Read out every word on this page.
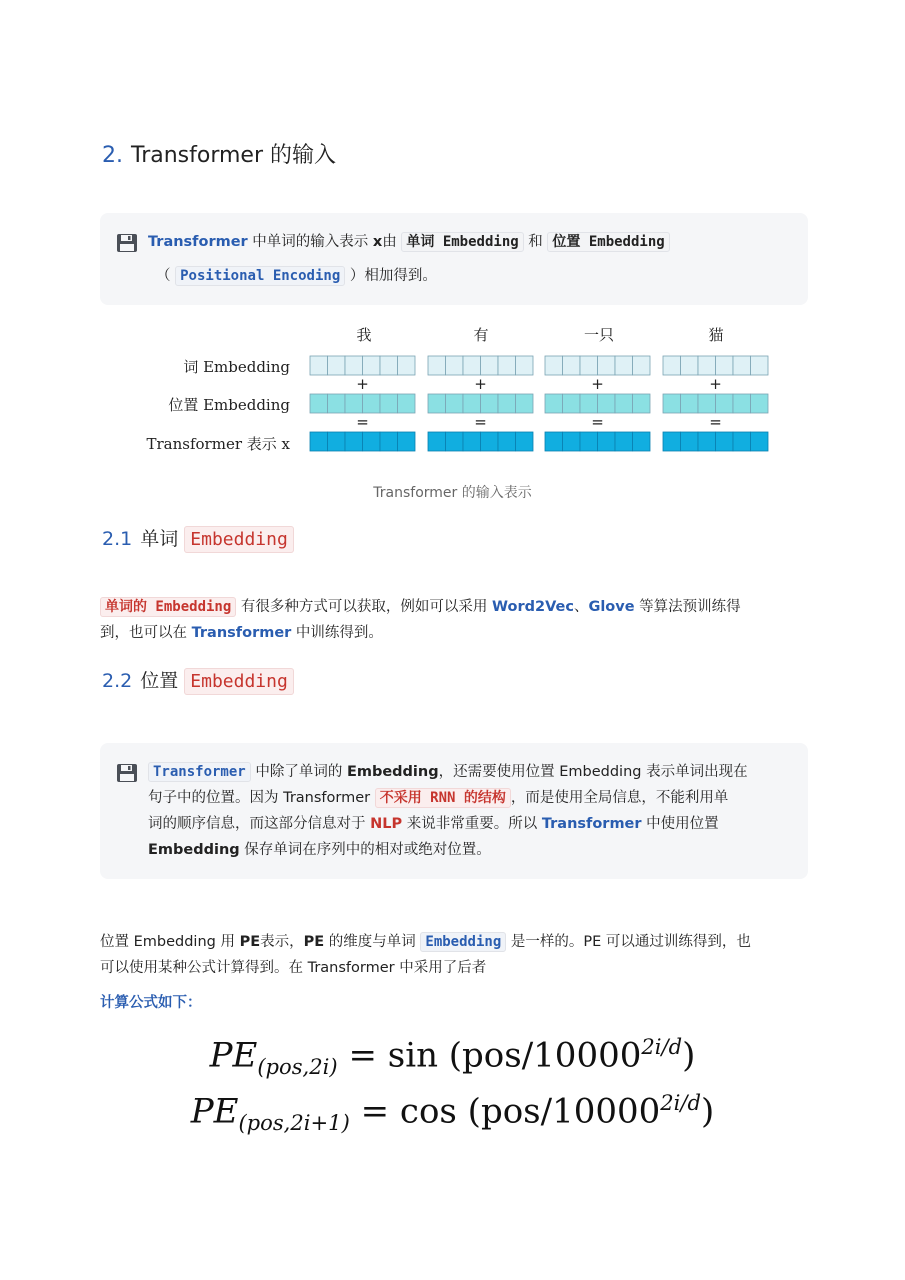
2. Transformer 的输入
Transformer 中单词的输入表示 x由 单词 Embedding 和 位置 Embedding
（ Positional Encoding ）相加得到。
我	有	一只	猫
词 Embedding
位置 Embedding
Transformer 表示 x
+	+	+	+
=	=	=	=
Transformer 的输入表示
2.1 单词 Embedding
单词的 Embedding 有很多种方式可以获取，例如可以采用 Word2Vec、Glove 等算法预训练得
到，也可以在 Transformer 中训练得到。
2.2 位置 Embedding
Transformer 中除了单词的 Embedding，还需要使用位置 Embedding 表示单词出现在
句子中的位置。因为 Transformer 不采用 RNN 的结构 ，而是使用全局信息，不能利用单
词的顺序信息，而这部分信息对于 NLP 来说非常重要。所以 Transformer 中使用位置
Embedding 保存单词在序列中的相对或绝对位置。
位置 Embedding 用 PE表示，PE 的维度与单词 Embedding 是一样的。PE 可以通过训练得到，也
可以使用某种公式计算得到。在 Transformer 中采用了后者
计算公式如下：
$PE_{(pos,2i)} = \sin (pos/10000^{2i/d})$
$PE_{(pos,2i+1)} = \cos (pos/10000^{2i/d})$
